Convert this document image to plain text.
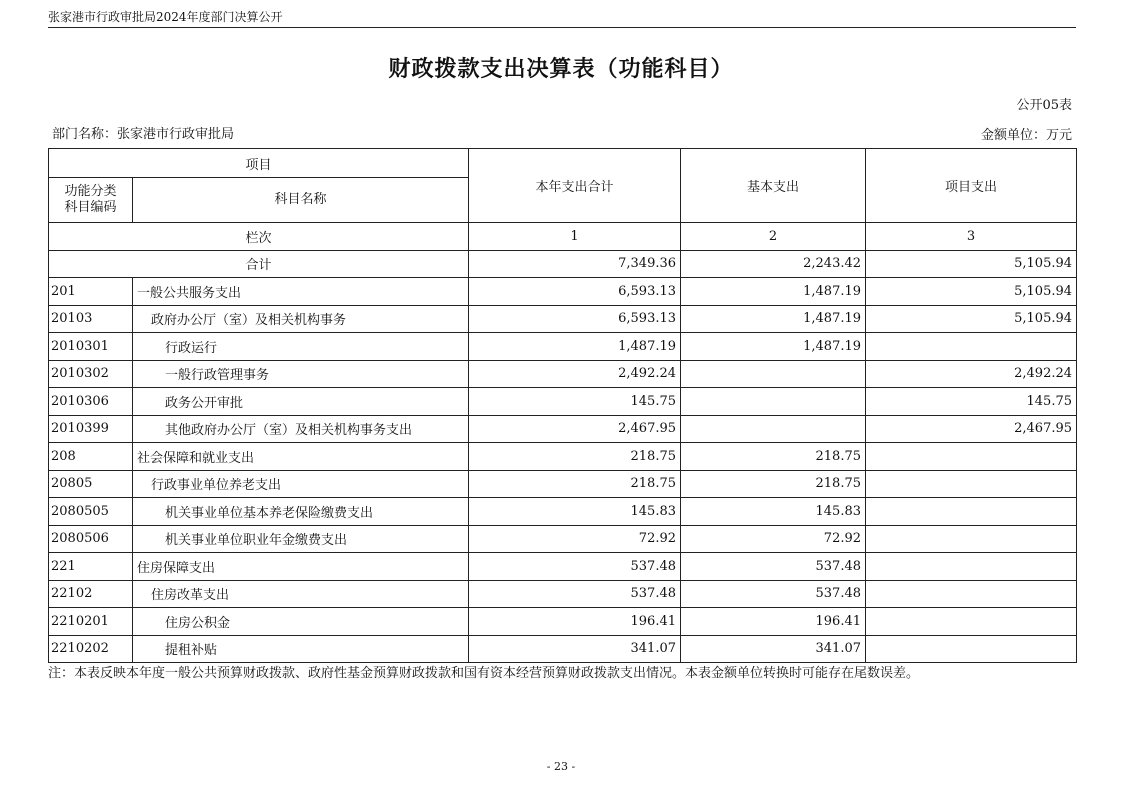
张家港市行政审批局2024年度部门决算公开
财政拨款支出决算表（功能科目）
公开05表
部门名称：张家港市行政审批局	金额单位：万元
项目		本年支出合计	基本支出	项目支出
功能分类
科目编码	科目名称			
栏次		1	2	3
合计		7,349.36	2,243.42	5,105.94
201	一般公共服务支出	6,593.13	1,487.19	5,105.94
20103	政府办公厅（室）及相关机构事务	6,593.13	1,487.19	5,105.94
2010301	行政运行	1,487.19	1,487.19	
2010302	一般行政管理事务	2,492.24		2,492.24
2010306	政务公开审批	145.75		145.75
2010399	其他政府办公厅（室）及相关机构事务支出	2,467.95		2,467.95
208	社会保障和就业支出	218.75	218.75	
20805	行政事业单位养老支出	218.75	218.75	
2080505	机关事业单位基本养老保险缴费支出	145.83	145.83	
2080506	机关事业单位职业年金缴费支出	72.92	72.92	
221	住房保障支出	537.48	537.48	
22102	住房改革支出	537.48	537.48	
2210201	住房公积金	196.41	196.41	
2210202	提租补贴	341.07	341.07	
注：本表反映本年度一般公共预算财政拨款、政府性基金预算财政拨款和国有资本经营预算财政拨款支出情况。本表金额单位转换时可能存在尾数误差。
- 23 -
